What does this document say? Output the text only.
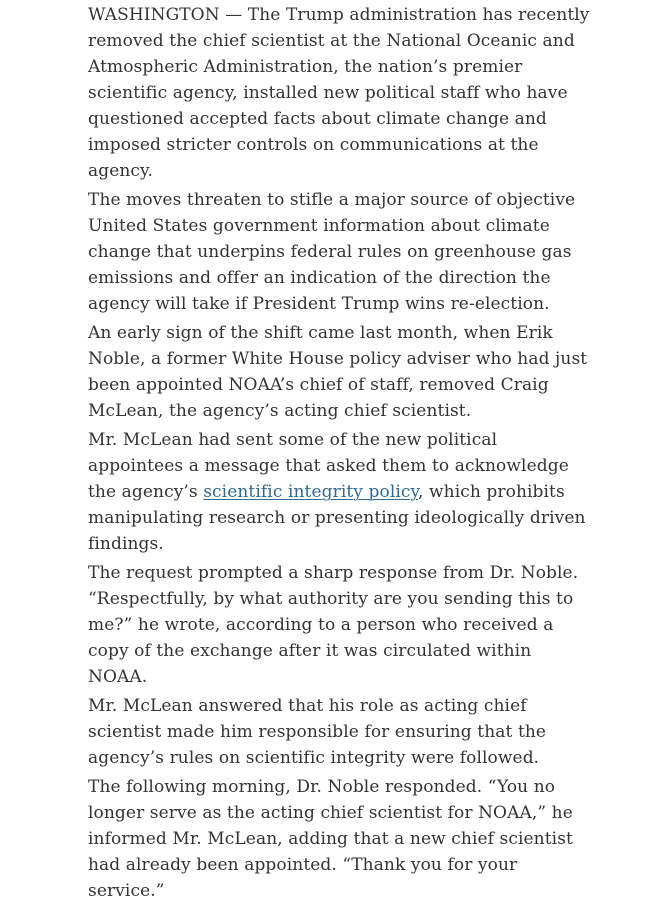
WASHINGTON — The Trump administration has recently removed the chief scientist at the National Oceanic and Atmospheric Administration, the nation’s premier scientific agency, installed new political staff who have questioned accepted facts about climate change and imposed stricter controls on communications at the agency.

The moves threaten to stifle a major source of objective United States government information about climate change that underpins federal rules on greenhouse gas emissions and offer an indication of the direction the agency will take if President Trump wins re-election.

An early sign of the shift came last month, when Erik Noble, a former White House policy adviser who had just been appointed NOAA’s chief of staff, removed Craig McLean, the agency’s acting chief scientist.

Mr. McLean had sent some of the new political appointees a message that asked them to acknowledge the agency’s scientific integrity policy, which prohibits manipulating research or presenting ideologically driven findings.

The request prompted a sharp response from Dr. Noble. “Respectfully, by what authority are you sending this to me?” he wrote, according to a person who received a copy of the exchange after it was circulated within NOAA.

Mr. McLean answered that his role as acting chief scientist made him responsible for ensuring that the agency’s rules on scientific integrity were followed.

The following morning, Dr. Noble responded. “You no longer serve as the acting chief scientist for NOAA,” he informed Mr. McLean, adding that a new chief scientist had already been appointed. “Thank you for your service.”
